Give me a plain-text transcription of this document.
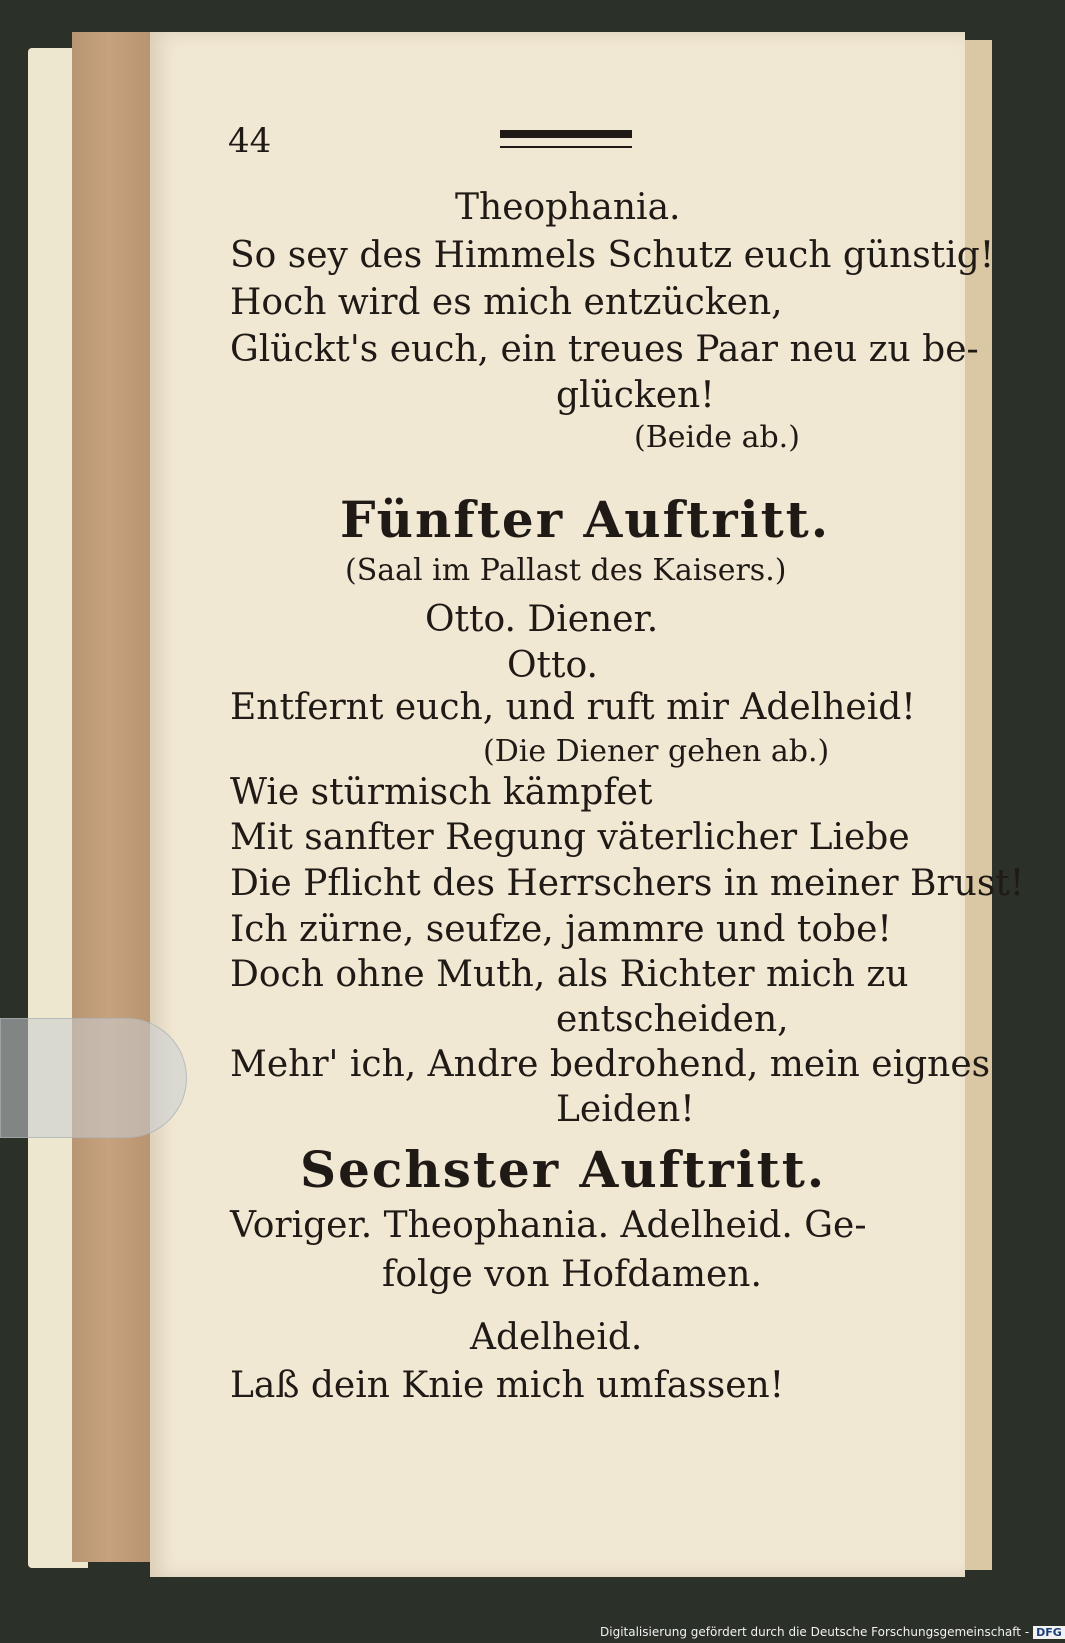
44

Theophania.

So sey des Himmels Schutz euch günstig!

Hoch wird es mich entzücken,

Glückt's euch, ein treues Paar neu zu be-

glücken!

(Beide ab.)

Fünfter Auftritt.

(Saal im Pallast des Kaisers.)

Otto. Diener.

Otto.

Entfernt euch, und ruft mir Adelheid!

(Die Diener gehen ab.)

Wie stürmisch kämpfet

Mit sanfter Regung väterlicher Liebe

Die Pflicht des Herrschers in meiner Brust!

Ich zürne, seufze, jammre und tobe!

Doch ohne Muth, als Richter mich zu

entscheiden,

Mehr' ich, Andre bedrohend, mein eignes

Leiden!

Sechster Auftritt.

Voriger. Theophania. Adelheid. Ge-

folge von Hofdamen.

Adelheid.

Laß dein Knie mich umfassen!

Digitalisierung gefördert durch die Deutsche Forschungsgemeinschaft - DFG
